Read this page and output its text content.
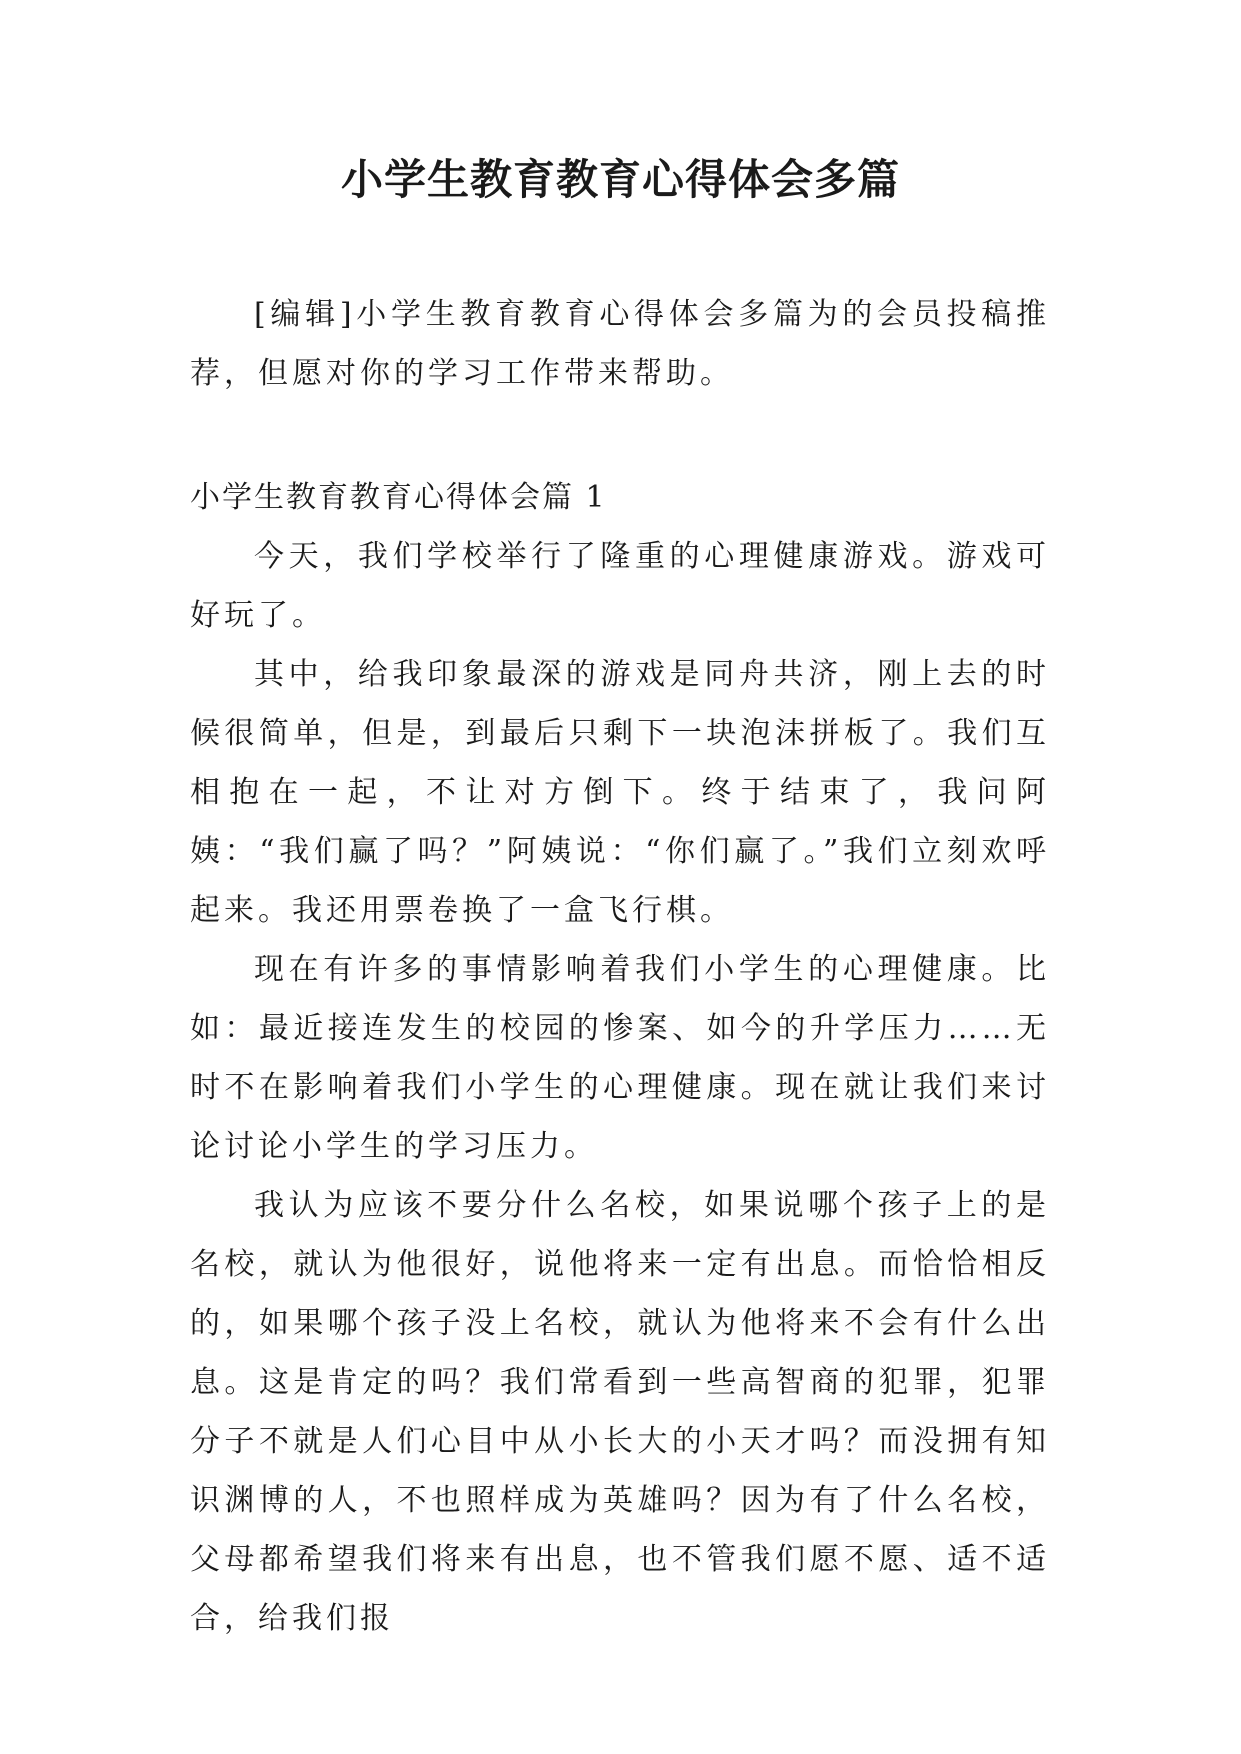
小学生教育教育心得体会多篇

[编辑]小学生教育教育心得体会多篇为的会员投稿推荐，但愿对你的学习工作带来帮助。

小学生教育教育心得体会篇 1

今天，我们学校举行了隆重的心理健康游戏。游戏可好玩了。

其中，给我印象最深的游戏是同舟共济，刚上去的时候很简单，但是，到最后只剩下一块泡沫拼板了。我们互相抱在一起，不让对方倒下。终于结束了，我问阿姨：“我们赢了吗？”阿姨说：“你们赢了。”我们立刻欢呼起来。我还用票卷换了一盒飞行棋。

现在有许多的事情影响着我们小学生的心理健康。比如：最近接连发生的校园的惨案、如今的升学压力……无时不在影响着我们小学生的心理健康。现在就让我们来讨论讨论小学生的学习压力。

我认为应该不要分什么名校，如果说哪个孩子上的是名校，就认为他很好，说他将来一定有出息。而恰恰相反的，如果哪个孩子没上名校，就认为他将来不会有什么出息。这是肯定的吗？我们常看到一些高智商的犯罪，犯罪分子不就是人们心目中从小长大的小天才吗？而没拥有知识渊博的人，不也照样成为英雄吗？因为有了什么名校，父母都希望我们将来有出息，也不管我们愿不愿、适不适合，给我们报
